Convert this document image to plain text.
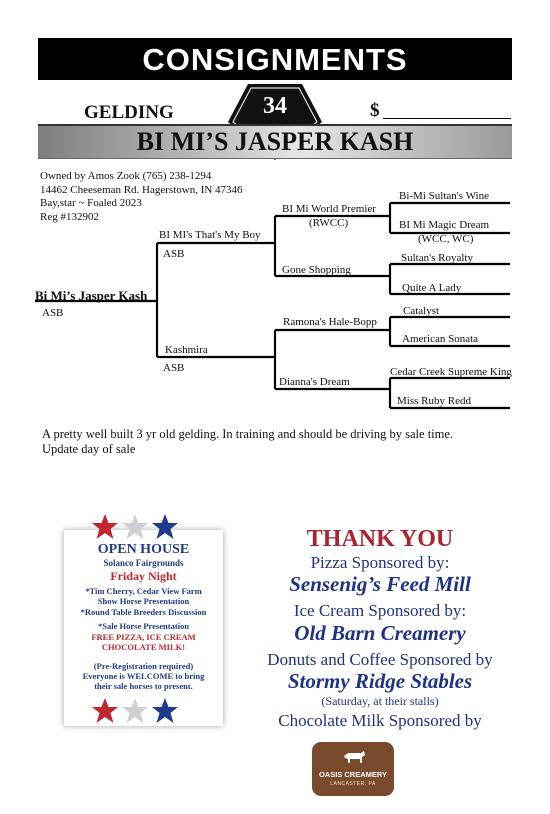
CONSIGNMENTS
GELDING	$
34
BI MI’S JASPER KASH
Owned by Amos Zook (765) 238-1294
14462 Cheeseman Rd. Hagerstown, IN 47346
Bay,star ~ Foaled 2023
Reg #132902
Bi Mi’s Jasper Kash
ASB
BI MI's That's My Boy
ASB
Kashmira
ASB
BI Mi World Premier
(RWCC)
Gone Shopping
Ramona's Hale-Bopp
Dianna's Dream
Bi-Mi Sultan's Wine
BI Mi Magic Dream
(WCC, WC)
Sultan's Royalty
Quite A Lady
Catalyst
American Sonata
Cedar Creek Supreme King
Miss Ruby Redd
A pretty well built 3 yr old gelding. In training and should be driving by sale time.
Update day of sale
OPEN HOUSE
Solanco Fairgrounds
Friday Night
*Tim Cherry, Cedar View Farm
Show Horse Presentation
*Round Table Breeders Discussion
*Sale Horse Presentation
FREE PIZZA, ICE CREAM
CHOCOLATE MILK!
(Pre-Registration required)
Everyone is WELCOME to bring
their sale horses to present.
THANK YOU
Pizza Sponsored by:
Sensenig’s Feed Mill
Ice Cream Sponsored by:
Old Barn Creamery
Donuts and Coffee Sponsored by
Stormy Ridge Stables
(Saturday, at their stalls)
Chocolate Milk Sponsored by
OASIS CREAMERY
LANCASTER, PA
